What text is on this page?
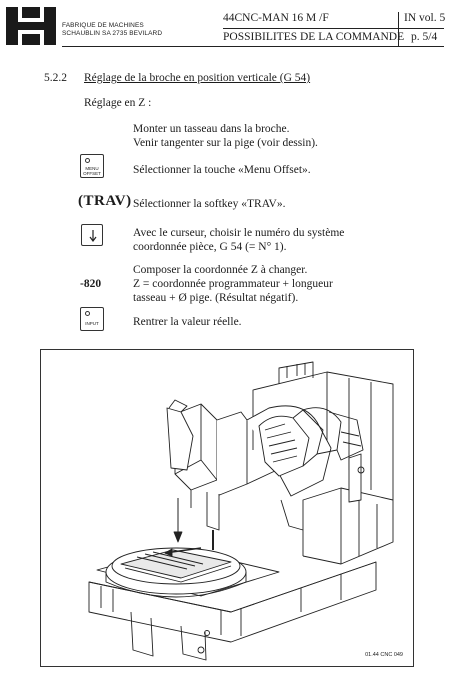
FABRIQUE DE MACHINES
SCHAUBLIN SA 2735 BEVILARD
44CNC-MAN 16 M /F	IN vol. 5
POSSIBILITES DE LA COMMANDE p. 5/4
5.2.2 Réglage de la broche en position verticale (G 54)
Réglage en Z :
Monter un tasseau dans la broche.
Venir tangenter sur la pige (voir dessin).
MENU
OFFSET	Sélectionner la touche «Menu Offset».
(TRAV) Sélectionner la softkey «TRAV».
Avec le curseur, choisir le numéro du système
coordonnée pièce, G 54 (= N° 1).
-820
Composer la coordonnée Z à changer.
Z = coordonnée programmateur + longueur
tasseau + Ø pige. (Résultat négatif).
INPUT	Rentrer la valeur réelle.
01.44 CNC 049
